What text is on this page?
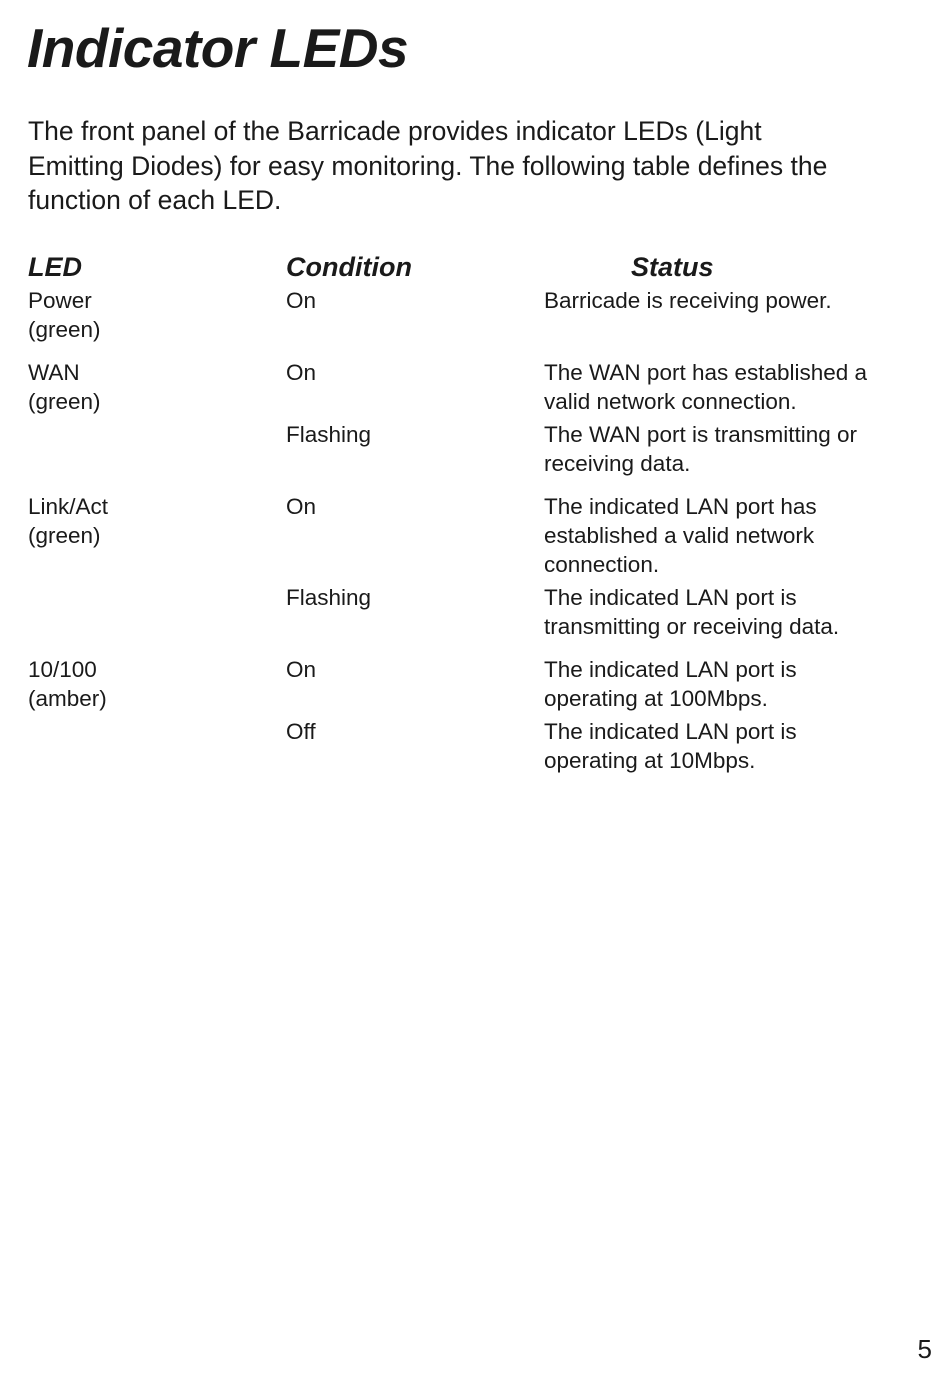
Indicator LEDs

The front panel of the Barricade provides indicator LEDs (Light
Emitting Diodes) for easy monitoring. The following table defines the
function of each LED.

LED	Condition	Status
Power
(green)
On	Barricade is receiving power.
WAN
(green)
On	The WAN port has established a
valid network connection.
Flashing	The WAN port is transmitting or
receiving data.
Link/Act
(green)
On	The indicated LAN port has
established a valid network
connection.
Flashing	The indicated LAN port is
transmitting or receiving data.
10/100
(amber)
On	The indicated LAN port is
operating at 100Mbps.
Off	The indicated LAN port is
operating at 10Mbps.
5
